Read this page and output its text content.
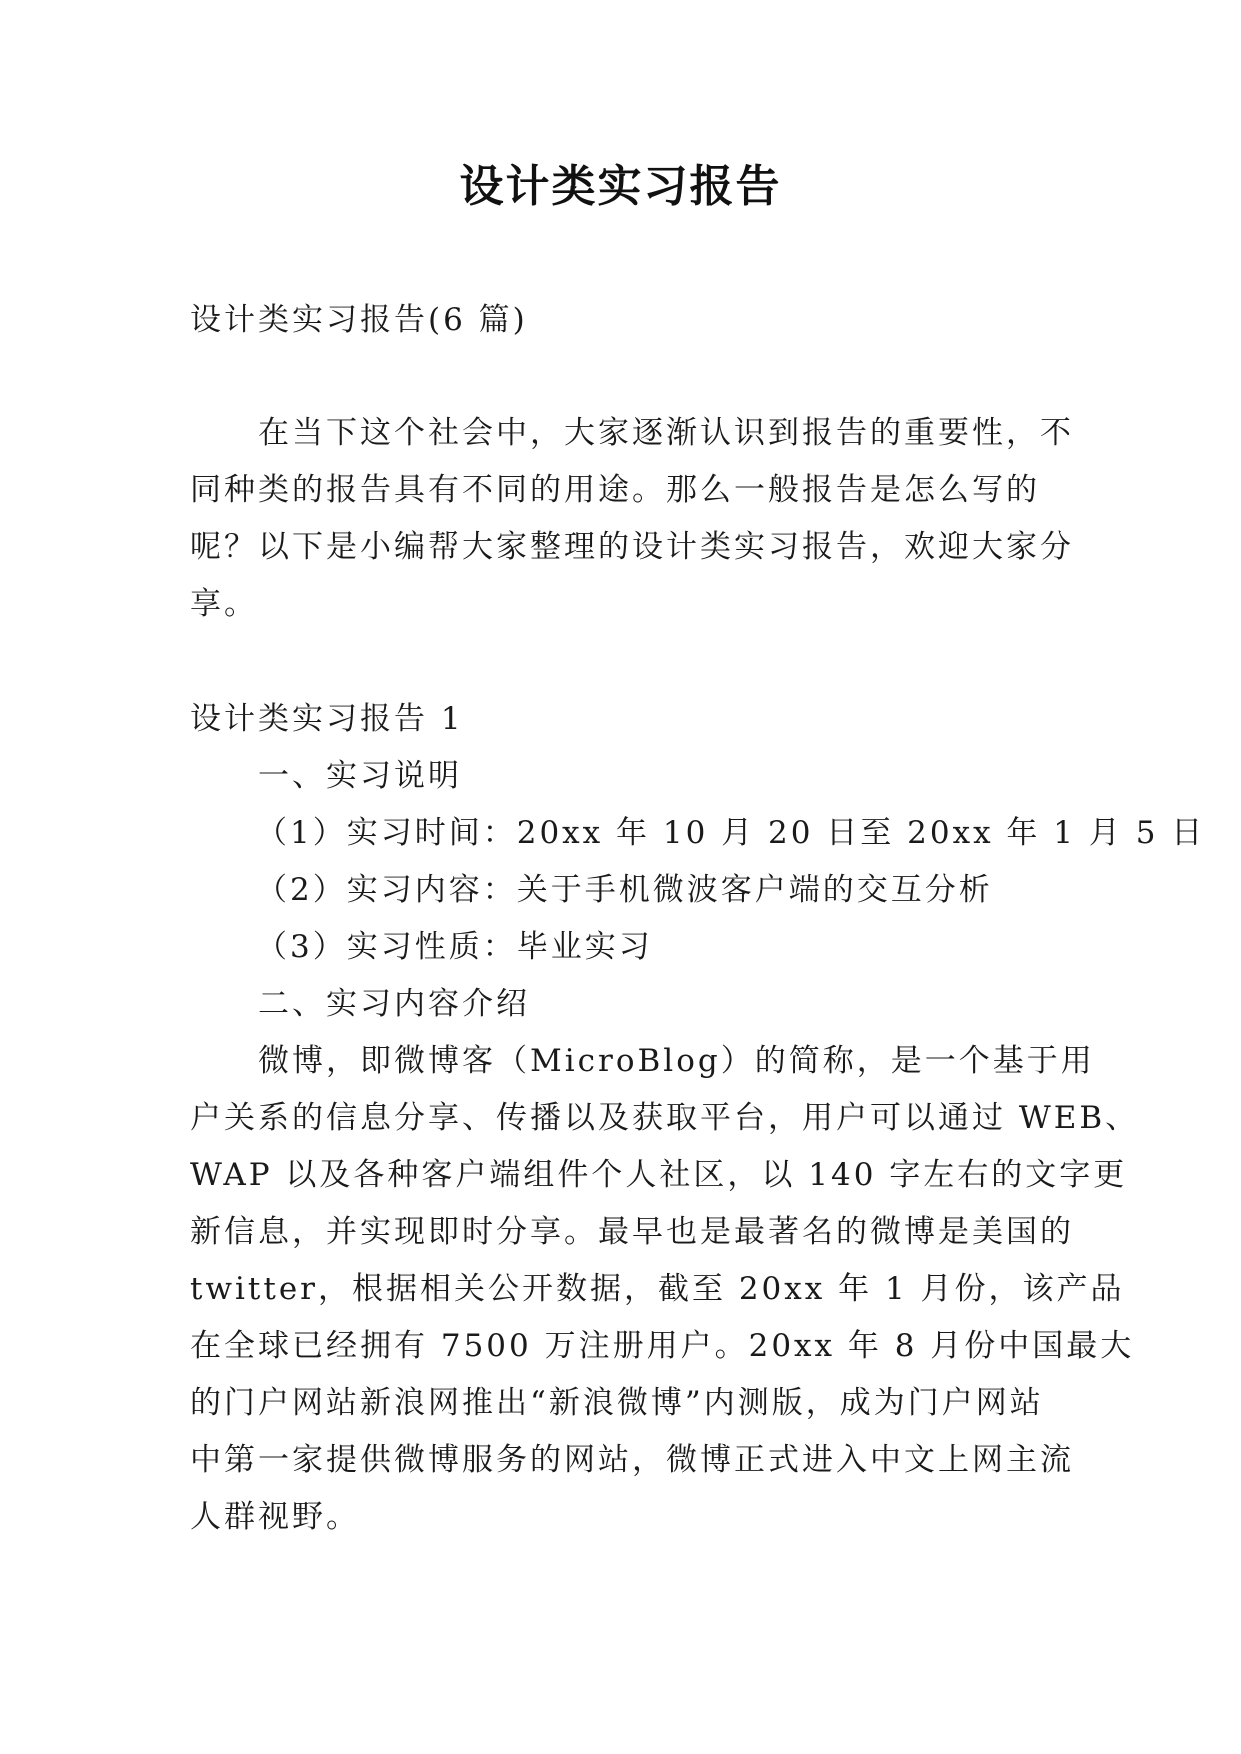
设计类实习报告
设计类实习报告(6 篇)
在当下这个社会中，大家逐渐认识到报告的重要性，不
同种类的报告具有不同的用途。那么一般报告是怎么写的
呢？以下是小编帮大家整理的设计类实习报告，欢迎大家分
享。
设计类实习报告 1
一、实习说明
（1）实习时间：20xx 年 10 月 20 日至 20xx 年 1 月 5 日
（2）实习内容：关于手机微波客户端的交互分析
（3）实习性质：毕业实习
二、实习内容介绍
微博，即微博客（MicroBlog）的简称，是一个基于用
户关系的信息分享、传播以及获取平台，用户可以通过 WEB、
WAP 以及各种客户端组件个人社区，以 140 字左右的文字更
新信息，并实现即时分享。最早也是最著名的微博是美国的
twitter，根据相关公开数据，截至 20xx 年 1 月份，该产品
在全球已经拥有 7500 万注册用户。20xx 年 8 月份中国最大
的门户网站新浪网推出“新浪微博”内测版，成为门户网站
中第一家提供微博服务的网站，微博正式进入中文上网主流
人群视野。
